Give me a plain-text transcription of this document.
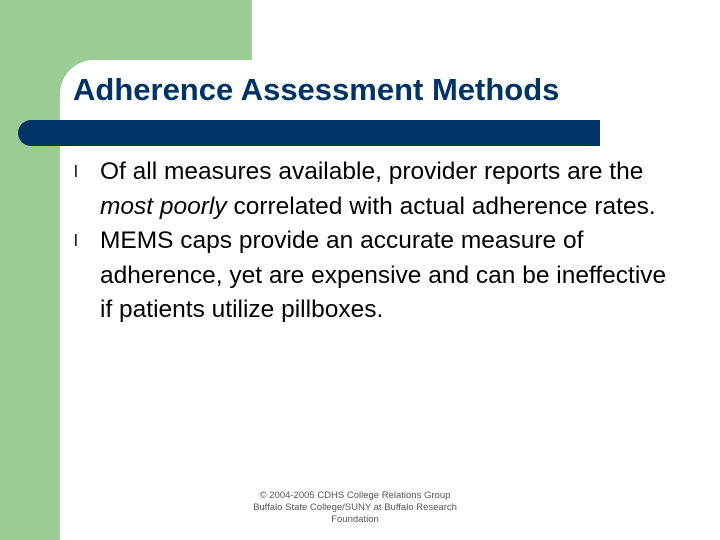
Adherence Assessment Methods
l Of all measures available, provider reports are the most poorly correlated with actual adherence rates.
l MEMS caps provide an accurate measure of adherence, yet are expensive and can be ineffective if patients utilize pillboxes.
© 2004-2005 CDHS College Relations Group
Buffalo State College/SUNY at Buffalo Research
Foundation
